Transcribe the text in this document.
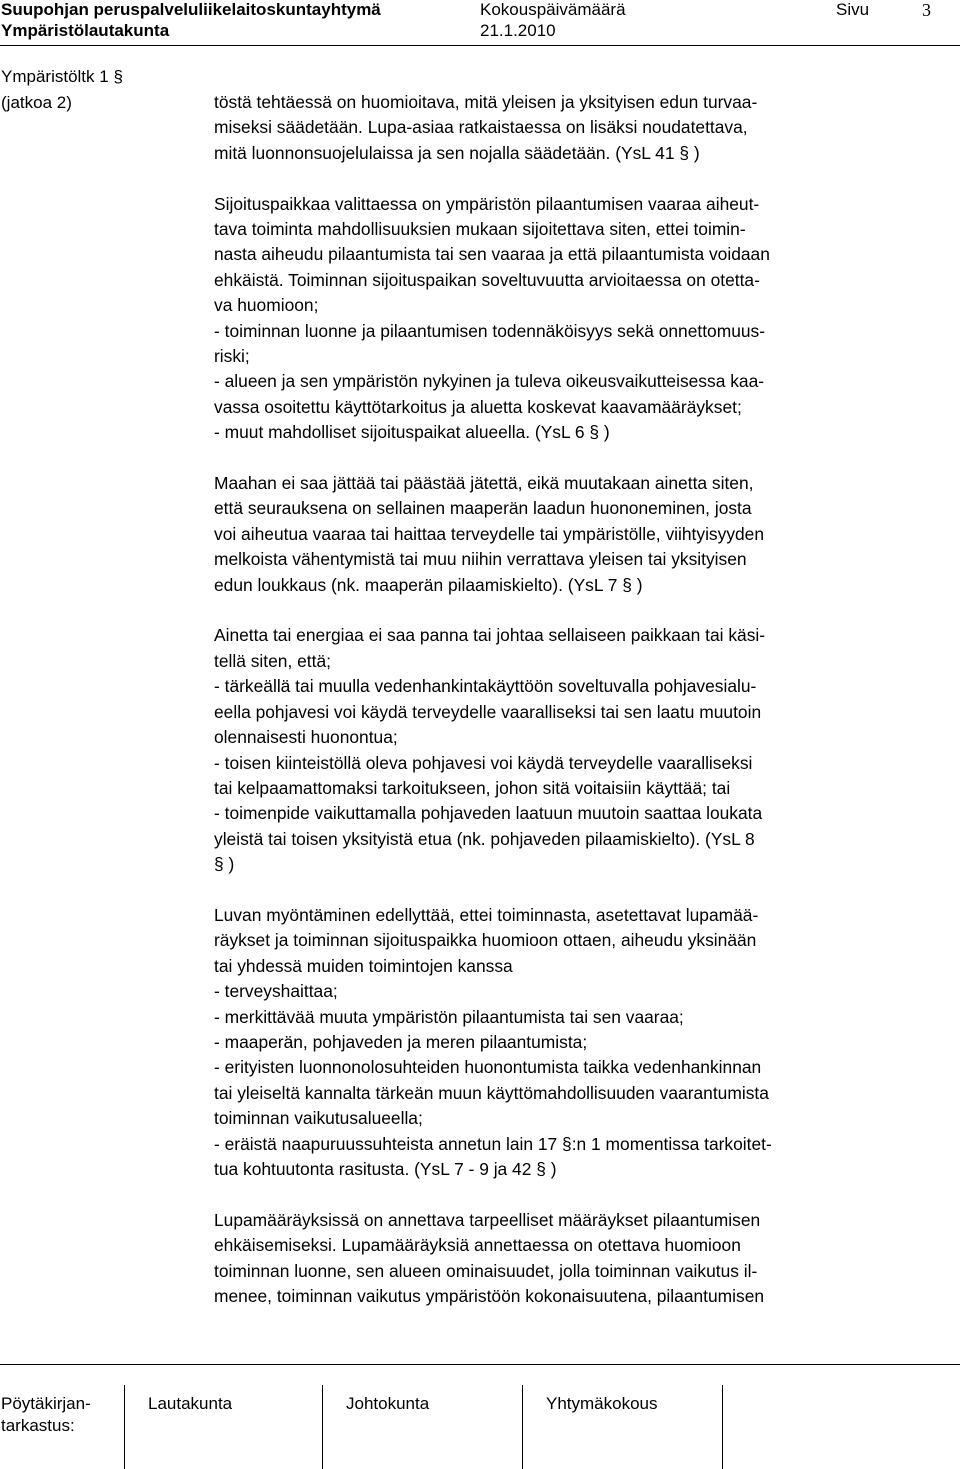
Suupohjan peruspalveluliikelaitoskuntayhtymä	Kokouspäivämäärä	Sivu	3
Ympäristölautakunta	21.1.2010
Ympäristöltk 1 §
(jatkoa 2)	töstä tehtäessä on huomioitava, mitä yleisen ja yksityisen edun turvaa-
miseksi säädetään. Lupa-asiaa ratkaistaessa on lisäksi noudatettava,
mitä luonnonsuojelulaissa ja sen nojalla säädetään. (YsL 41 § )

Sijoituspaikkaa valittaessa on ympäristön pilaantumisen vaaraa aiheut-
tava toiminta mahdollisuuksien mukaan sijoitettava siten, ettei toimin-
nasta aiheudu pilaantumista tai sen vaaraa ja että pilaantumista voidaan
ehkäistä. Toiminnan sijoituspaikan soveltuvuutta arvioitaessa on otetta-
va huomioon;
- toiminnan luonne ja pilaantumisen todennäköisyys sekä onnettomuus-
riski;
- alueen ja sen ympäristön nykyinen ja tuleva oikeusvaikutteisessa kaa-
vassa osoitettu käyttötarkoitus ja aluetta koskevat kaavamääräykset;
- muut mahdolliset sijoituspaikat alueella. (YsL 6 § )

Maahan ei saa jättää tai päästää jätettä, eikä muutakaan ainetta siten,
että seurauksena on sellainen maaperän laadun huononeminen, josta
voi aiheutua vaaraa tai haittaa terveydelle tai ympäristölle, viihtyisyyden
melkoista vähentymistä tai muu niihin verrattava yleisen tai yksityisen
edun loukkaus (nk. maaperän pilaamiskielto). (YsL 7 § )

Ainetta tai energiaa ei saa panna tai johtaa sellaiseen paikkaan tai käsi-
tellä siten, että;
- tärkeällä tai muulla vedenhankintakäyttöön soveltuvalla pohjavesialu-
eella pohjavesi voi käydä terveydelle vaaralliseksi tai sen laatu muutoin
olennaisesti huonontua;
- toisen kiinteistöllä oleva pohjavesi voi käydä terveydelle vaaralliseksi
tai kelpaamattomaksi tarkoitukseen, johon sitä voitaisiin käyttää; tai
- toimenpide vaikuttamalla pohjaveden laatuun muutoin saattaa loukata
yleistä tai toisen yksityistä etua (nk. pohjaveden pilaamiskielto). (YsL 8
§ )

Luvan myöntäminen edellyttää, ettei toiminnasta, asetettavat lupamää-
räykset ja toiminnan sijoituspaikka huomioon ottaen, aiheudu yksinään
tai yhdessä muiden toimintojen kanssa
- terveyshaittaa;
- merkittävää muuta ympäristön pilaantumista tai sen vaaraa;
- maaperän, pohjaveden ja meren pilaantumista;
- erityisten luonnonolosuhteiden huonontumista taikka vedenhankinnan
tai yleiseltä kannalta tärkeän muun käyttömahdollisuuden vaarantumista
toiminnan vaikutusalueella;
- eräistä naapuruussuhteista annetun lain 17 §:n 1 momentissa tarkoitet-
tua kohtuutonta rasitusta. (YsL 7 - 9 ja 42 § )

Lupamääräyksissä on annettava tarpeelliset määräykset pilaantumisen
ehkäisemiseksi. Lupamääräyksiä annettaessa on otettava huomioon
toiminnan luonne, sen alueen ominaisuudet, jolla toiminnan vaikutus il-
menee, toiminnan vaikutus ympäristöön kokonaisuutena, pilaantumisen

Pöytäkirjan-
tarkastus:
Lautakunta	Johtokunta	Yhtymäkokous
